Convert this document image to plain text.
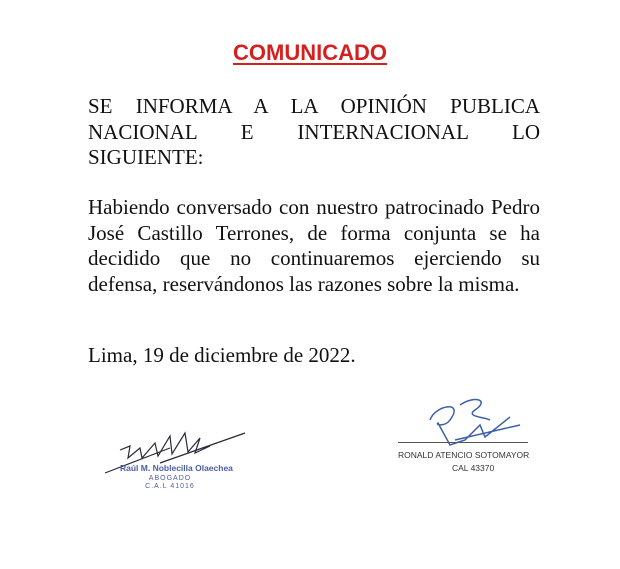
COMUNICADO
SE INFORMA A LA OPINIÓN PUBLICA NACIONAL E INTERNACIONAL LO SIGUIENTE:
Habiendo conversado con nuestro patrocinado Pedro José Castillo Terrones, de forma conjunta se ha decidido que no continuaremos ejerciendo su defensa, reservándonos las razones sobre la misma.
Lima, 19 de diciembre de 2022.
Raúl M. Noblecilla Olaechea
ABOGADO
C.A.L 41016
RONALD ATENCIO SOTOMAYOR
CAL 43370
